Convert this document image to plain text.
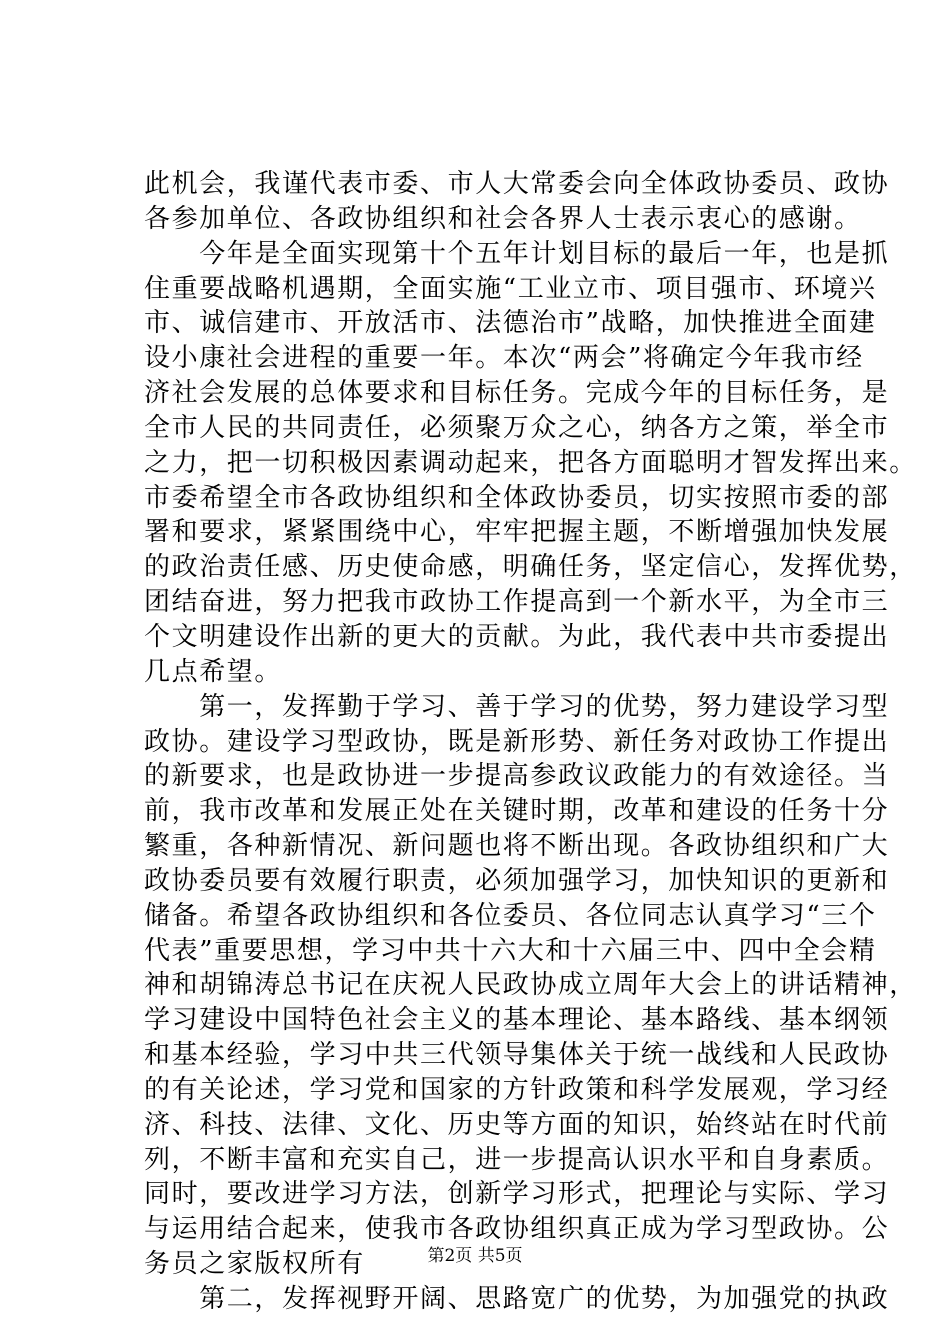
此机会，我谨代表市委、市人大常委会向全体政协委员、政协
各参加单位、各政协组织和社会各界人士表示衷心的感谢。
　　今年是全面实现第十个五年计划目标的最后一年，也是抓
住重要战略机遇期，全面实施“工业立市、项目强市、环境兴
市、诚信建市、开放活市、法德治市”战略，加快推进全面建
设小康社会进程的重要一年。本次“两会”将确定今年我市经
济社会发展的总体要求和目标任务。完成今年的目标任务，是
全市人民的共同责任，必须聚万众之心，纳各方之策，举全市
之力，把一切积极因素调动起来，把各方面聪明才智发挥出来。
市委希望全市各政协组织和全体政协委员，切实按照市委的部
署和要求，紧紧围绕中心，牢牢把握主题，不断增强加快发展
的政治责任感、历史使命感，明确任务，坚定信心，发挥优势，
团结奋进，努力把我市政协工作提高到一个新水平，为全市三
个文明建设作出新的更大的贡献。为此，我代表中共市委提出
几点希望。
　　第一，发挥勤于学习、善于学习的优势，努力建设学习型
政协。建设学习型政协，既是新形势、新任务对政协工作提出
的新要求，也是政协进一步提高参政议政能力的有效途径。当
前，我市改革和发展正处在关键时期，改革和建设的任务十分
繁重，各种新情况、新问题也将不断出现。各政协组织和广大
政协委员要有效履行职责，必须加强学习，加快知识的更新和
储备。希望各政协组织和各位委员、各位同志认真学习“三个
代表”重要思想，学习中共十六大和十六届三中、四中全会精
神和胡锦涛总书记在庆祝人民政协成立周年大会上的讲话精神，
学习建设中国特色社会主义的基本理论、基本路线、基本纲领
和基本经验，学习中共三代领导集体关于统一战线和人民政协
的有关论述，学习党和国家的方针政策和科学发展观，学习经
济、科技、法律、文化、历史等方面的知识，始终站在时代前
列，不断丰富和充实自己，进一步提高认识水平和自身素质。
同时，要改进学习方法，创新学习形式，把理论与实际、学习
与运用结合起来，使我市各政协组织真正成为学习型政协。公
务员之家版权所有
　　第二，发挥视野开阔、思路宽广的优势，为加强党的执政
第2页 共5页
